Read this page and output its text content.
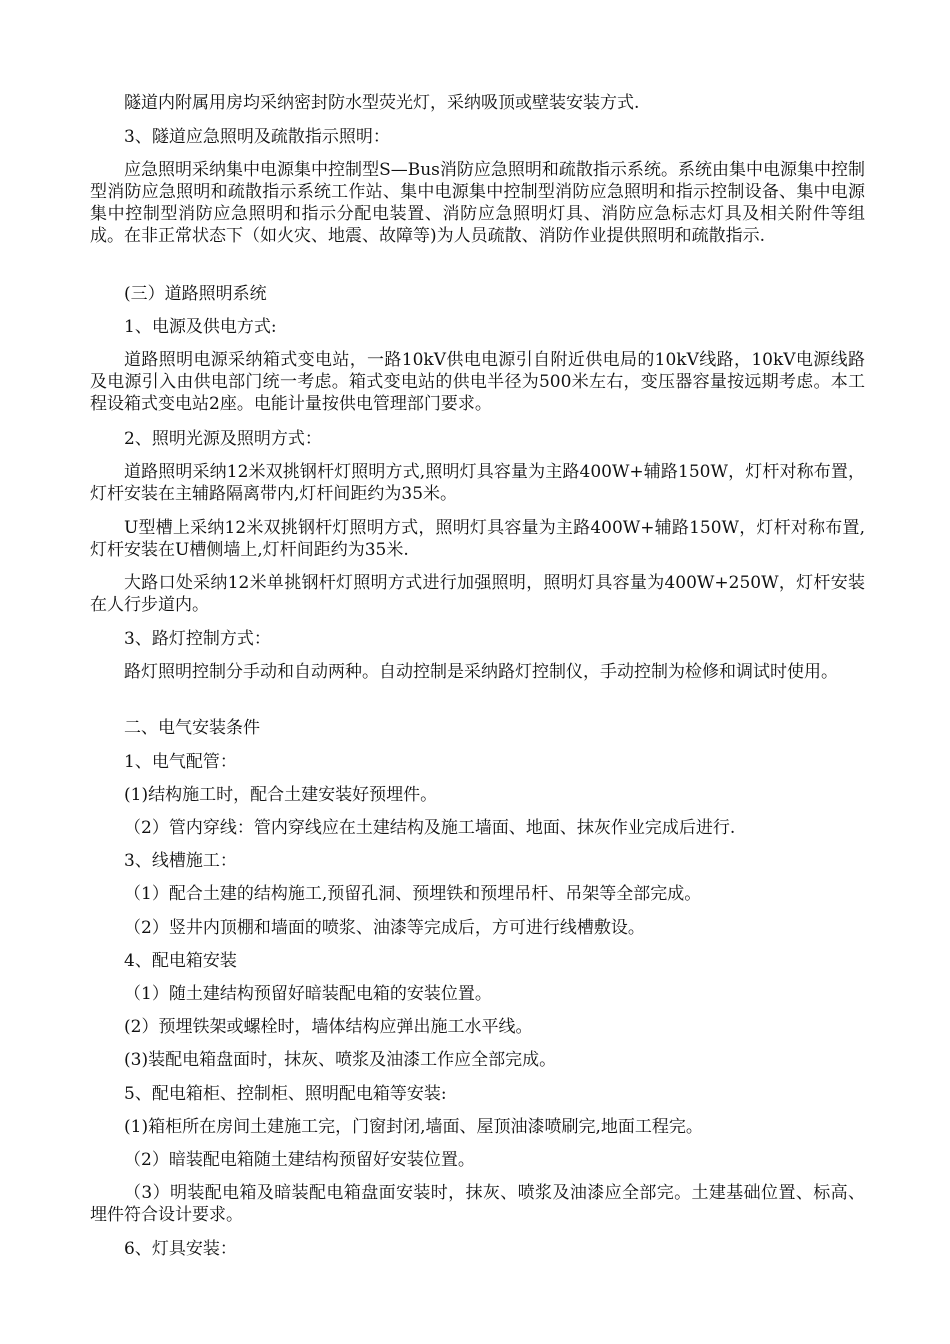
隧道内附属用房均采纳密封防水型荧光灯，采纳吸顶或壁装安装方式.

3、隧道应急照明及疏散指示照明：

应急照明采纳集中电源集中控制型S—Bus消防应急照明和疏散指示系统。系统由集中电源集中控制型消防应急照明和疏散指示系统工作站、集中电源集中控制型消防应急照明和指示控制设备、集中电源集中控制型消防应急照明和指示分配电装置、消防应急照明灯具、消防应急标志灯具及相关附件等组成。在非正常状态下（如火灾、地震、故障等)为人员疏散、消防作业提供照明和疏散指示.

(三）道路照明系统

1、电源及供电方式:

道路照明电源采纳箱式变电站，一路10kV供电电源引自附近供电局的10kV线路，10kV电源线路及电源引入由供电部门统一考虑。箱式变电站的供电半径为500米左右，变压器容量按远期考虑。本工程设箱式变电站2座。电能计量按供电管理部门要求。

2、照明光源及照明方式：

道路照明采纳12米双挑钢杆灯照明方式,照明灯具容量为主路400W+辅路150W，灯杆对称布置，灯杆安装在主辅路隔离带内,灯杆间距约为35米。

U型槽上采纳12米双挑钢杆灯照明方式，照明灯具容量为主路400W+辅路150W，灯杆对称布置,灯杆安装在U槽侧墙上,灯杆间距约为35米.

大路口处采纳12米单挑钢杆灯照明方式进行加强照明，照明灯具容量为400W+250W，灯杆安装在人行步道内。

3、路灯控制方式：

路灯照明控制分手动和自动两种。自动控制是采纳路灯控制仪，手动控制为检修和调试时使用。

二、电气安装条件

1、电气配管：

(1)结构施工时，配合土建安装好预埋件。

（2）管内穿线：管内穿线应在土建结构及施工墙面、地面、抹灰作业完成后进行.

3、线槽施工：

（1）配合土建的结构施工,预留孔洞、预埋铁和预埋吊杆、吊架等全部完成。

（2）竖井内顶棚和墙面的喷浆、油漆等完成后，方可进行线槽敷设。

4、配电箱安装

（1）随土建结构预留好暗装配电箱的安装位置。

(2）预埋铁架或螺栓时，墙体结构应弹出施工水平线。

(3)装配电箱盘面时，抹灰、喷浆及油漆工作应全部完成。

5、配电箱柜、控制柜、照明配电箱等安装:

(1)箱柜所在房间土建施工完，门窗封闭,墙面、屋顶油漆喷刷完,地面工程完。

（2）暗装配电箱随土建结构预留好安装位置。

（3）明装配电箱及暗装配电箱盘面安装时，抹灰、喷浆及油漆应全部完。土建基础位置、标高、埋件符合设计要求。

6、灯具安装：
